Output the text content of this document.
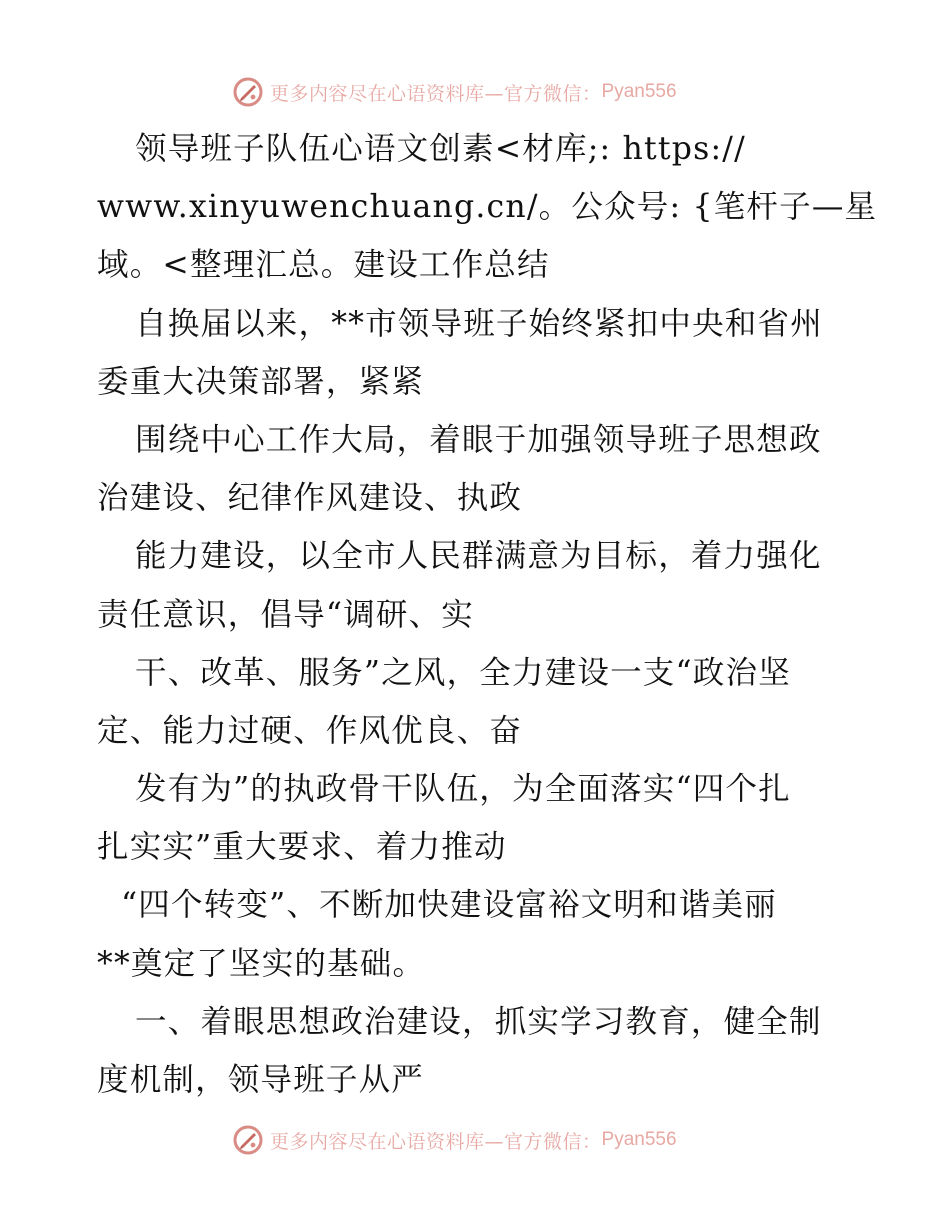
更多内容尽在心语资料库—官方微信： Pyan556
领导班子队伍心语文创素<材库;: https://
www.xinyuwenchuang.cn/。公众号: {笔杆子—星
域。<整理汇总。建设工作总结
自换届以来，**市领导班子始终紧扣中央和省州
委重大决策部署，紧紧
围绕中心工作大局，着眼于加强领导班子思想政
治建设、纪律作风建设、执政
能力建设，以全市人民群满意为目标，着力强化
责任意识，倡导“调研、实
干、改革、服务”之风，全力建设一支“政治坚
定、能力过硬、作风优良、奋
发有为”的执政骨干队伍，为全面落实“四个扎
扎实实”重大要求、着力推动
“四个转变”、不断加快建设富裕文明和谐美丽
**奠定了坚实的基础。
一、着眼思想政治建设，抓实学习教育，健全制
度机制，领导班子从严
更多内容尽在心语资料库—官方微信： Pyan556
